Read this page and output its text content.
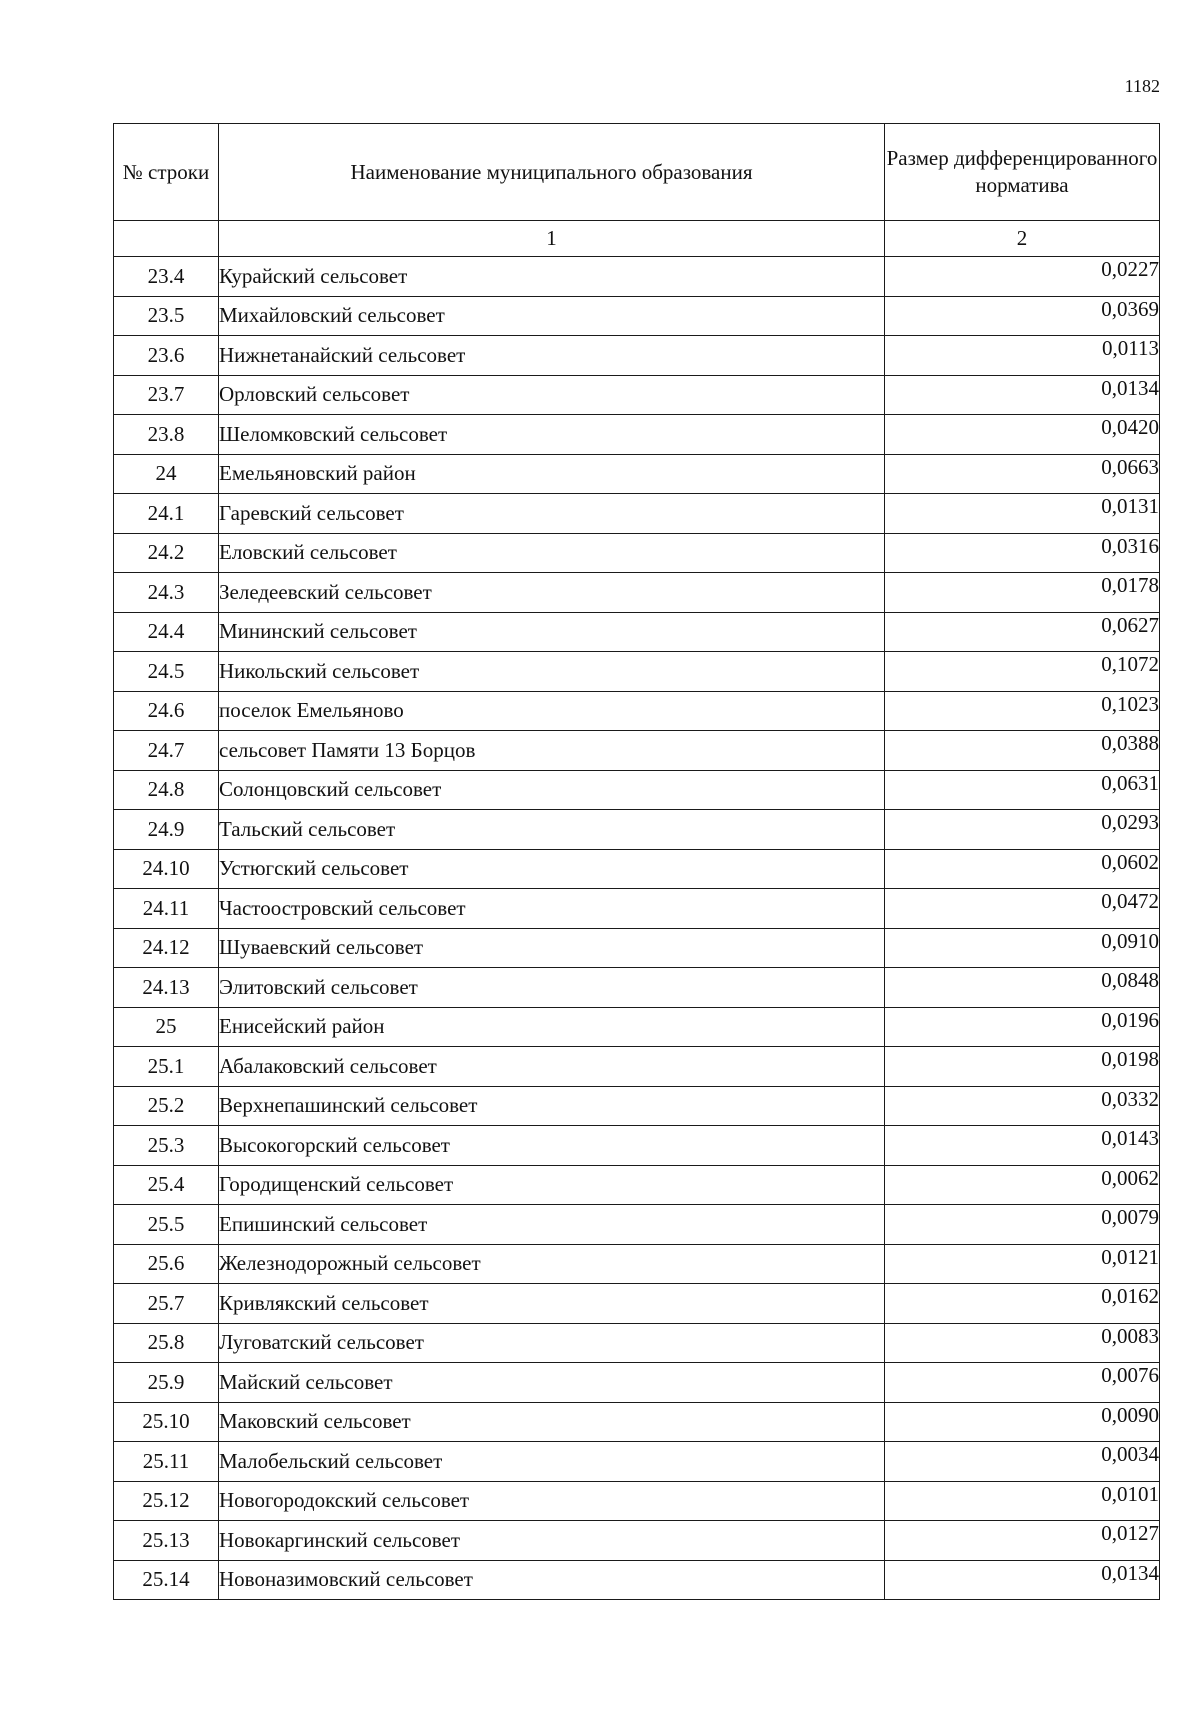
1182
№ строки	Наименование муниципального образования	Размер дифференцированного норматива
	1	2
23.4	Курайский сельсовет	0,0227
23.5	Михайловский сельсовет	0,0369
23.6	Нижнетанайский сельсовет	0,0113
23.7	Орловский сельсовет	0,0134
23.8	Шеломковский сельсовет	0,0420
24	Емельяновский район	0,0663
24.1	Гаревский сельсовет	0,0131
24.2	Еловский сельсовет	0,0316
24.3	Зеледеевский сельсовет	0,0178
24.4	Мининский сельсовет	0,0627
24.5	Никольский сельсовет	0,1072
24.6	поселок Емельяново	0,1023
24.7	сельсовет Памяти 13 Борцов	0,0388
24.8	Солонцовский сельсовет	0,0631
24.9	Тальский сельсовет	0,0293
24.10	Устюгский сельсовет	0,0602
24.11	Частоостровский сельсовет	0,0472
24.12	Шуваевский сельсовет	0,0910
24.13	Элитовский сельсовет	0,0848
25	Енисейский район	0,0196
25.1	Абалаковский сельсовет	0,0198
25.2	Верхнепашинский сельсовет	0,0332
25.3	Высокогорский сельсовет	0,0143
25.4	Городищенский сельсовет	0,0062
25.5	Епишинский сельсовет	0,0079
25.6	Железнодорожный сельсовет	0,0121
25.7	Кривлякский сельсовет	0,0162
25.8	Луговатский сельсовет	0,0083
25.9	Майский сельсовет	0,0076
25.10	Маковский сельсовет	0,0090
25.11	Малобельский сельсовет	0,0034
25.12	Новогородокский сельсовет	0,0101
25.13	Новокаргинский сельсовет	0,0127
25.14	Новоназимовский сельсовет	0,0134
